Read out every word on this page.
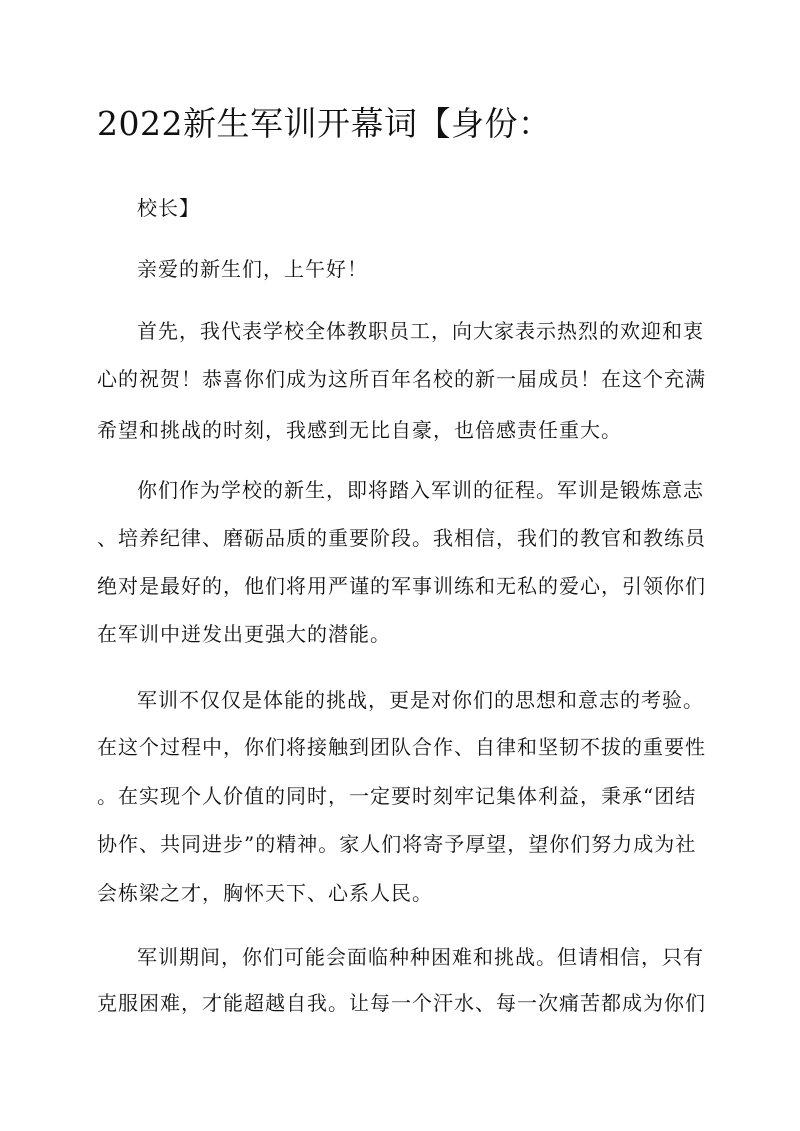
2022新生军训开幕词【身份：
校长】
亲爱的新生们，上午好！
首先，我代表学校全体教职员工，向大家表示热烈的欢迎和衷
心的祝贺！恭喜你们成为这所百年名校的新一届成员！在这个充满
希望和挑战的时刻，我感到无比自豪，也倍感责任重大。
你们作为学校的新生，即将踏入军训的征程。军训是锻炼意志
、培养纪律、磨砺品质的重要阶段。我相信，我们的教官和教练员
绝对是最好的，他们将用严谨的军事训练和无私的爱心，引领你们
在军训中迸发出更强大的潜能。
军训不仅仅是体能的挑战，更是对你们的思想和意志的考验。
在这个过程中，你们将接触到团队合作、自律和坚韧不拔的重要性
。在实现个人价值的同时，一定要时刻牢记集体利益，秉承“团结
协作、共同进步”的精神。家人们将寄予厚望，望你们努力成为社
会栋梁之才，胸怀天下、心系人民。
军训期间，你们可能会面临种种困难和挑战。但请相信，只有
克服困难，才能超越自我。让每一个汗水、每一次痛苦都成为你们
